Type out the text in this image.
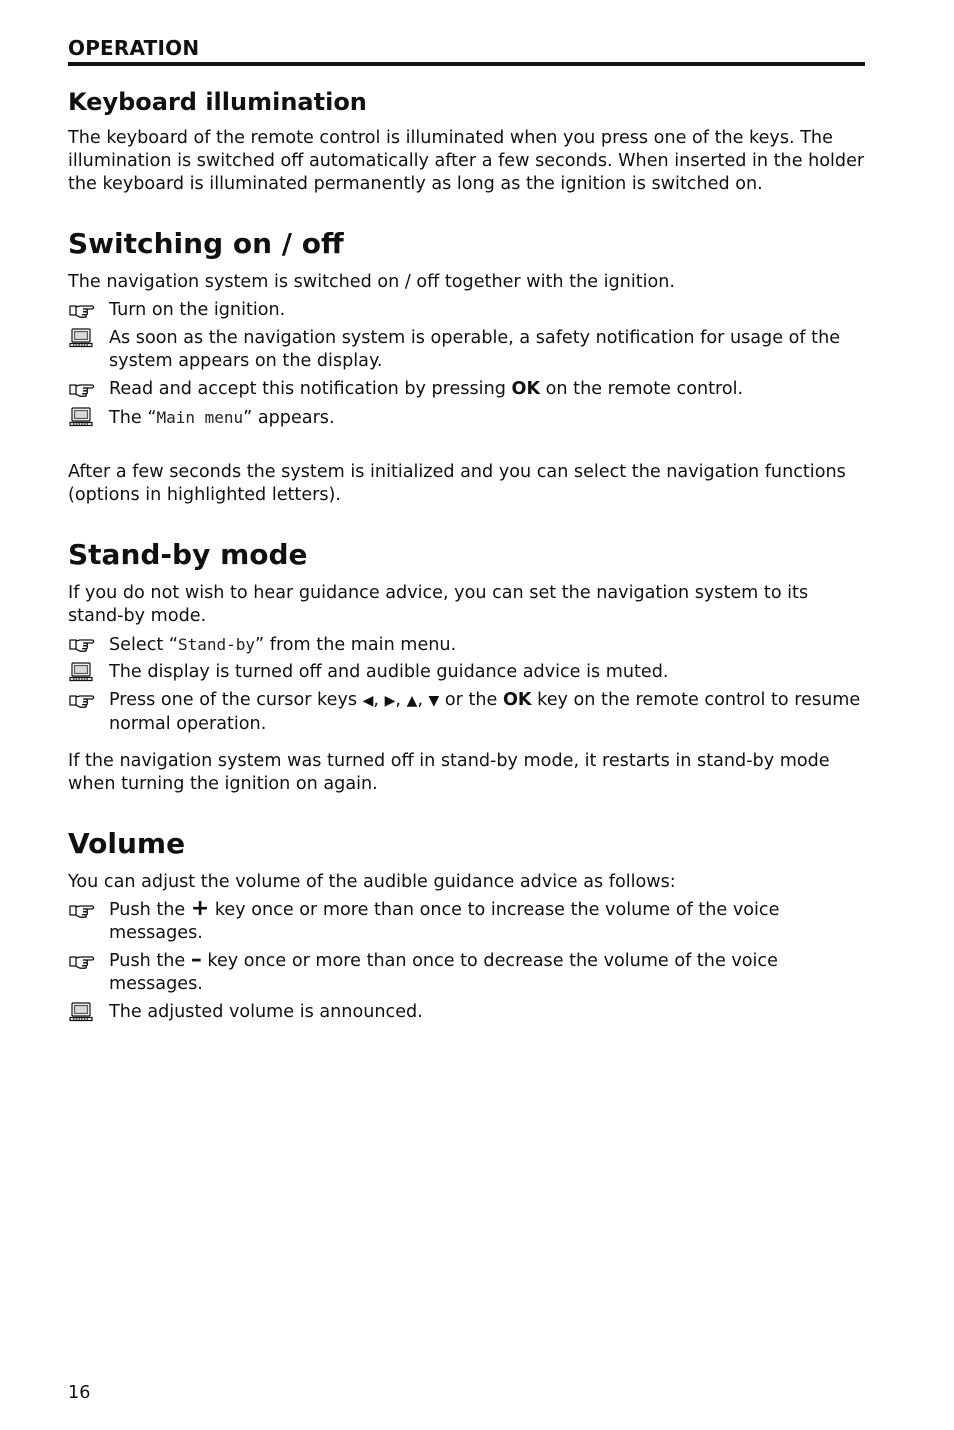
OPERATION
Keyboard illumination

The keyboard of the remote control is illuminated when you press one of the keys. The illumination is switched off automatically after a few seconds. When inserted in the holder the keyboard is illuminated permanently as long as the ignition is switched on.

Switching on / off

The navigation system is switched on / off together with the ignition.

Turn on the ignition.
As soon as the navigation system is operable, a safety notification for usage of the system appears on the display.
Read and accept this notification by pressing OK on the remote control.
The “Main menu” appears.

After a few seconds the system is initialized and you can select the navigation functions (options in highlighted letters).

Stand-by mode

If you do not wish to hear guidance advice, you can set the navigation system to its stand-by mode.

Select “Stand-by” from the main menu.
The display is turned off and audible guidance advice is muted.
Press one of the cursor keys ◀, ▶, ▲, ▼ or the OK key on the remote control to resume normal operation.

If the navigation system was turned off in stand-by mode, it restarts in stand-by mode when turning the ignition on again.

Volume

You can adjust the volume of the audible guidance advice as follows:

Push the + key once or more than once to increase the volume of the voice messages.
Push the – key once or more than once to decrease the volume of the voice messages.
The adjusted volume is announced.
16
